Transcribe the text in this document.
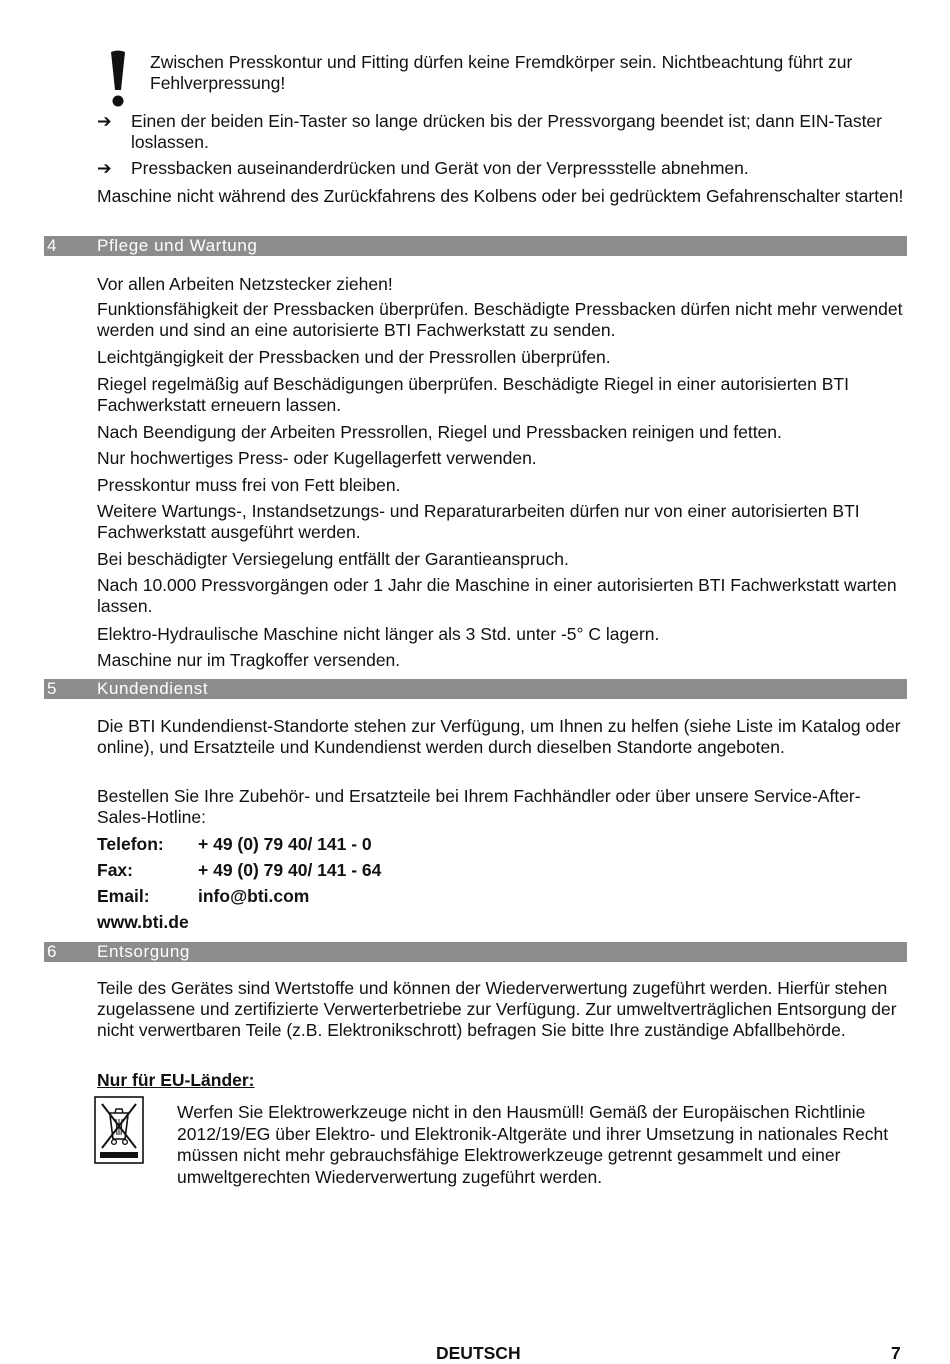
Zwischen Presskontur und Fitting dürfen keine Fremdkörper sein. Nichtbeachtung führt zur Fehlverpressung!
➔	Einen der beiden Ein-Taster so lange drücken bis der Pressvorgang beendet ist; dann EIN-Taster loslassen.
➔	Pressbacken auseinanderdrücken und Gerät von der Verpressstelle abnehmen.
Maschine nicht während des Zurückfahrens des Kolbens oder bei gedrücktem Gefahrenschalter starten!
4 Pflege und Wartung
Vor allen Arbeiten Netzstecker ziehen!
Funktionsfähigkeit der Pressbacken überprüfen. Beschädigte Pressbacken dürfen nicht mehr verwendet werden und sind an eine autorisierte BTI Fachwerkstatt zu senden.
Leichtgängigkeit der Pressbacken und der Pressrollen überprüfen.
Riegel regelmäßig auf Beschädigungen überprüfen. Beschädigte Riegel in einer autorisierten BTI Fachwerkstatt erneuern lassen.
Nach Beendigung der Arbeiten Pressrollen, Riegel und Pressbacken reinigen und fetten.
Nur hochwertiges Press- oder Kugellagerfett verwenden.
Presskontur muss frei von Fett bleiben.
Weitere Wartungs-, Instandsetzungs- und Reparaturarbeiten dürfen nur von einer autorisierten BTI Fachwerkstatt ausgeführt werden.
Bei beschädigter Versiegelung entfällt der Garantieanspruch.
Nach 10.000 Pressvorgängen oder 1 Jahr die Maschine in einer autorisierten BTI Fachwerkstatt warten lassen.
Elektro-Hydraulische Maschine nicht länger als 3 Std. unter -5° C lagern.
Maschine nur im Tragkoffer versenden.
5 Kundendienst
Die BTI Kundendienst-Standorte stehen zur Verfügung, um Ihnen zu helfen (siehe Liste im Katalog oder online), und Ersatzteile und Kundendienst werden durch dieselben Standorte angeboten.
Bestellen Sie Ihre Zubehör- und Ersatzteile bei Ihrem Fachhändler oder über unsere Service-After-Sales-Hotline:
Telefon: + 49 (0) 79 40/ 141 - 0
Fax:	+ 49 (0) 79 40/ 141 - 64
Email:	info@bti.com
www.bti.de
6 Entsorgung
Teile des Gerätes sind Wertstoffe und können der Wiederverwertung zugeführt werden. Hierfür stehen zugelassene und zertifizierte Verwerterbetriebe zur Verfügung. Zur umweltverträglichen Entsorgung der nicht verwertbaren Teile (z.B. Elektronikschrott) befragen Sie bitte Ihre zuständige Abfallbehörde.
Nur für EU-Länder:
Werfen Sie Elektrowerkzeuge nicht in den Hausmüll! Gemäß der Europäischen Richtlinie 2012/19/EG über Elektro- und Elektronik-Altgeräte und ihrer Umsetzung in nationales Recht müssen nicht mehr gebrauchsfähige Elektrowerkzeuge getrennt gesammelt und einer umweltgerechten Wiederverwertung zugeführt werden.
DEUTSCH	7
